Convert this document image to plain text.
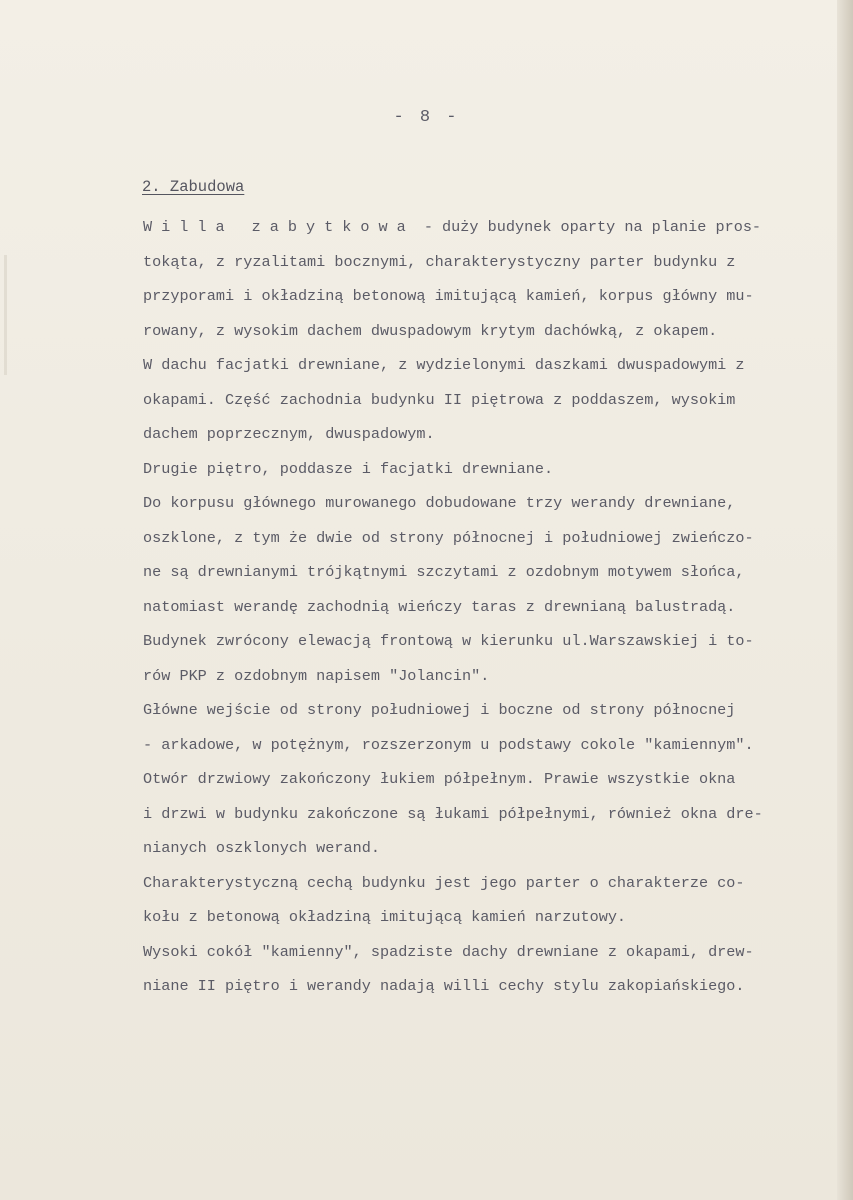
- 8 -
2. Zabudowa
Willa zabytkowa - duży budynek oparty na planie pros-
tokąta, z ryzalitami bocznymi, charakterystyczny parter budynku z
przyporami i okładziną betonową imitującą kamień, korpus główny mu-
rowany, z wysokim dachem dwuspadowym krytym dachówką, z okapem.
W dachu facjatki drewniane, z wydzielonymi daszkami dwuspadowymi z
okapami. Część zachodnia budynku II piętrowa z poddaszem, wysokim
dachem poprzecznym, dwuspadowym.
Drugie piętro, poddasze i facjatki drewniane.
Do korpusu głównego murowanego dobudowane trzy werandy drewniane,
oszklone, z tym że dwie od strony północnej i południowej zwieńczo-
ne są drewnianymi trójkątnymi szczytami z ozdobnym motywem słońca,
natomiast werandę zachodnią wieńczy taras z drewnianą balustradą.
Budynek zwrócony elewacją frontową w kierunku ul.Warszawskiej i to-
rów PKP z ozdobnym napisem "Jolancin".
Główne wejście od strony południowej i boczne od strony północnej
- arkadowe, w potężnym, rozszerzonym u podstawy cokole "kamiennym".
Otwór drzwiowy zakończony łukiem półpełnym. Prawie wszystkie okna
i drzwi w budynku zakończone są łukami półpełnymi, również okna dre-
nianych oszklonych werand.
Charakterystyczną cechą budynku jest jego parter o charakterze co-
kołu z betonową okładziną imitującą kamień narzutowy.
Wysoki cokół "kamienny", spadziste dachy drewniane z okapami, drew-
niane II piętro i werandy nadają willi cechy stylu zakopiańskiego.
